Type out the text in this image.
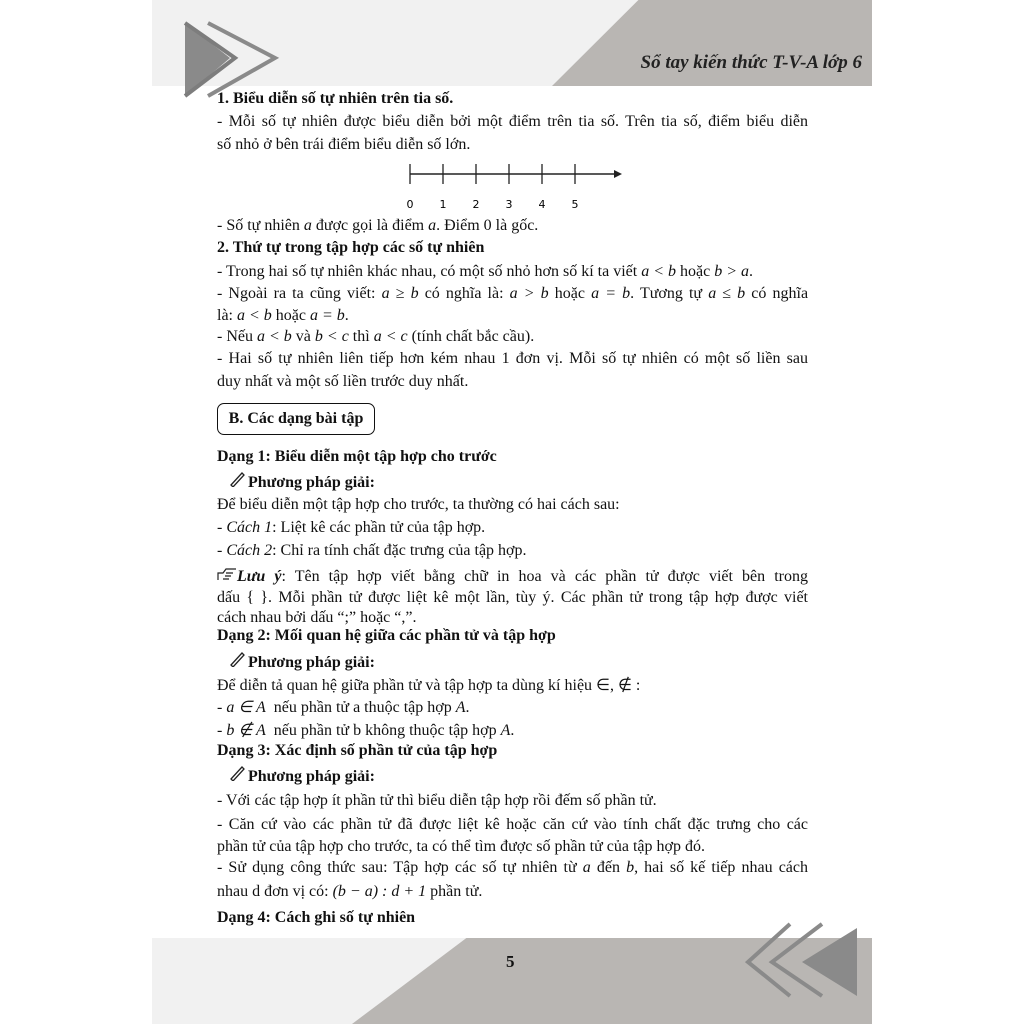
Sổ tay kiến thức T-V-A lớp 6
0 1 2 3 4 5
B. Các dạng bài tập
1. Biểu diễn số tự nhiên trên tia số.
- Mỗi số tự nhiên được biểu diễn bởi một điểm trên tia số. Trên tia số, điểm biểu diễn
số nhỏ ở bên trái điểm biểu diễn số lớn.
- Số tự nhiên a được gọi là điểm a. Điểm 0 là gốc.
2. Thứ tự trong tập hợp các số tự nhiên
- Trong hai số tự nhiên khác nhau, có một số nhỏ hơn số kí ta viết a < b hoặc b > a.
- Ngoài ra ta cũng viết: a ≥ b có nghĩa là: a > b hoặc a = b. Tương tự a ≤ b có nghĩa
là: a < b hoặc a = b.
- Nếu a < b và b < c thì a < c (tính chất bắc cầu).
- Hai số tự nhiên liên tiếp hơn kém nhau 1 đơn vị. Mỗi số tự nhiên có một số liền sau
duy nhất và một số liền trước duy nhất.
Dạng 1: Biểu diễn một tập hợp cho trước
Phương pháp giải:
Để biểu diễn một tập hợp cho trước, ta thường có hai cách sau:
- Cách 1: Liệt kê các phần tử của tập hợp.
- Cách 2: Chỉ ra tính chất đặc trưng của tập hợp.
Lưu ý: Tên tập hợp viết bằng chữ in hoa và các phần tử được viết bên trong
dấu { }. Mỗi phần tử được liệt kê một lần, tùy ý. Các phần tử trong tập hợp được viết
cách nhau bởi dấu “;” hoặc “,”.
Dạng 2: Mối quan hệ giữa các phần tử và tập hợp
Phương pháp giải:
Để diễn tả quan hệ giữa phần tử và tập hợp ta dùng kí hiệu ∈, ∉ :
- a ∈ A  nếu phần tử a thuộc tập hợp A.
- b ∉ A  nếu phần tử b không thuộc tập hợp A.
Dạng 3: Xác định số phần tử của tập hợp
Phương pháp giải:
- Với các tập hợp ít phần tử thì biểu diễn tập hợp rồi đếm số phần tử.
- Căn cứ vào các phần tử đã được liệt kê hoặc căn cứ vào tính chất đặc trưng cho các
phần tử của tập hợp cho trước, ta có thể tìm được số phần tử của tập hợp đó.
- Sử dụng công thức sau: Tập hợp các số tự nhiên từ a đến b, hai số kế tiếp nhau cách
nhau d đơn vị có: (b − a) : d + 1 phần tử.
Dạng 4: Cách ghi số tự nhiên
5
